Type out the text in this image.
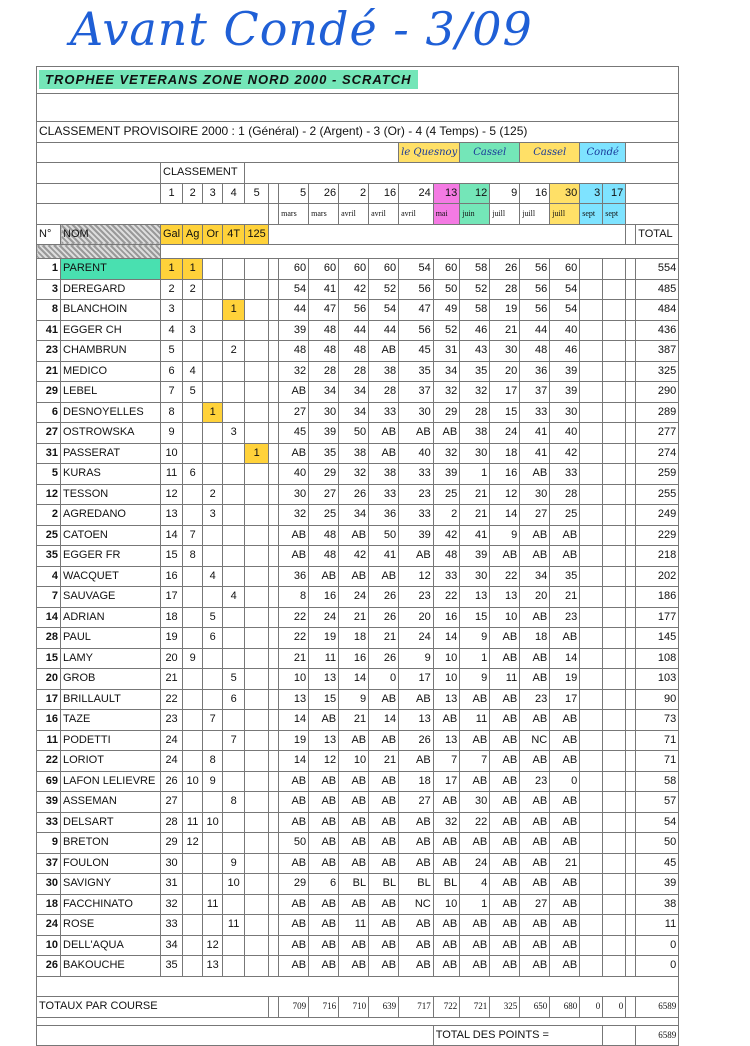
Avant Condé - 3/09
TROPHEE VETERANS ZONE NORD 2000 - SCRATCH																					

CLASSEMENT PROVISOIRE 2000 : 1 (Général) - 2 (Argent) - 3 (Or) - 4 (4 Temps) - 5 (125)																					
												le Quesnoy		Cassel		Cassel		Condé			
		CLASSEMENT																			
		1	2	3	4	5		5	26	2	16	24	13	12	9	16	30	3	17		
								mars	mars	avril	avril	avril	mai	juin	juill	juill	juill	sept	sept		
N°	NOM	Gal	Ag	Or	4T	125															TOTAL

1	PARENT	1	1					60	60	60	60	54	60	58	26	56	60				554
3	DEREGARD	2	2					54	41	42	52	56	50	52	28	56	54				485
8	BLANCHOIN	3			1			44	47	56	54	47	49	58	19	56	54				484
41	EGGER CH	4	3					39	48	44	44	56	52	46	21	44	40				436
23	CHAMBRUN	5			2			48	48	48	AB	45	31	43	30	48	46				387
21	MEDICO	6	4					32	28	28	38	35	34	35	20	36	39				325
29	LEBEL	7	5					AB	34	34	28	37	32	32	17	37	39				290
6	DESNOYELLES	8		1				27	30	34	33	30	29	28	15	33	30				289
27	OSTROWSKA	9			3			45	39	50	AB	AB	AB	38	24	41	40				277
31	PASSERAT	10				1		AB	35	38	AB	40	32	30	18	41	42				274
5	KURAS	11	6					40	29	32	38	33	39	1	16	AB	33				259
12	TESSON	12		2				30	27	26	33	23	25	21	12	30	28				255
2	AGREDANO	13		3				32	25	34	36	33	2	21	14	27	25				249
25	CATOEN	14	7					AB	48	AB	50	39	42	41	9	AB	AB				229
35	EGGER FR	15	8					AB	48	42	41	AB	48	39	AB	AB	AB				218
4	WACQUET	16		4				36	AB	AB	AB	12	33	30	22	34	35				202
7	SAUVAGE	17			4			8	16	24	26	23	22	13	13	20	21				186
14	ADRIAN	18		5				22	24	21	26	20	16	15	10	AB	23				177
28	PAUL	19		6				22	19	18	21	24	14	9	AB	18	AB				145
15	LAMY	20	9					21	11	16	26	9	10	1	AB	AB	14				108
20	GROB	21			5			10	13	14	0	17	10	9	11	AB	19				103
17	BRILLAULT	22			6			13	15	9	AB	AB	13	AB	AB	23	17				90
16	TAZE	23		7				14	AB	21	14	13	AB	11	AB	AB	AB				73
11	PODETTI	24			7			19	13	AB	AB	26	13	AB	AB	NC	AB				71
22	LORIOT	24		8				14	12	10	21	AB	7	7	AB	AB	AB				71
69	LAFON LELIEVRE	26	10	9				AB	AB	AB	AB	18	17	AB	AB	23	0				58
39	ASSEMAN	27			8			AB	AB	AB	AB	27	AB	30	AB	AB	AB				57
33	DELSART	28	11	10				AB	AB	AB	AB	AB	32	22	AB	AB	AB				54
9	BRETON	29	12					50	AB	AB	AB	AB	AB	AB	AB	AB	AB				50
37	FOULON	30			9			AB	AB	AB	AB	AB	AB	24	AB	AB	21				45
30	SAVIGNY	31			10			29	6	BL	BL	BL	BL	4	AB	AB	AB				39
18	FACCHINATO	32		11				AB	AB	AB	AB	NC	10	1	AB	27	AB				38
24	ROSE	33			11			AB	AB	11	AB	AB	AB	AB	AB	AB	AB				11
10	DELL'AQUA	34		12				AB	AB	AB	AB	AB	AB	AB	AB	AB	AB				0
26	BAKOUCHE	35		13				AB	AB	AB	AB	AB	AB	AB	AB	AB	AB				0

TOTAUX PAR COURSE								709	716	710	639	717	722	721	325	650	680	0	0		6589

													TOTAL DES POINTS =								6589
